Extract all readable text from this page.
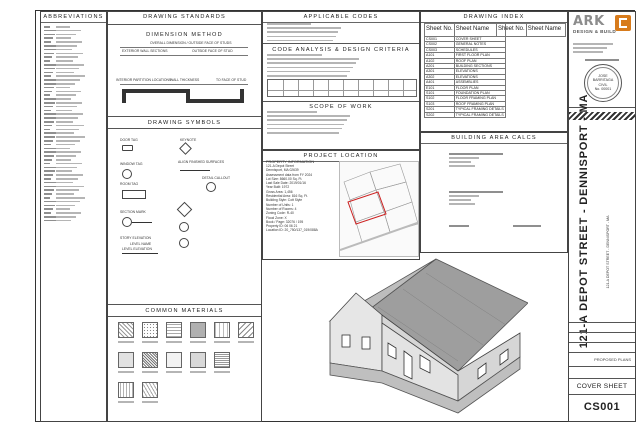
ABBREVIATIONS	DRAWING STANDARDS
DIMENSION METHOD
OVERALL DIMENSION / OUTSIDE FACE OF STUDS
EXTERIOR WALL SECTIONS	OUTSIDE FACE OF STUD
INTERIOR PARTITION LOCATIONS
WALL THICKNESS	TO FACE OF STUD
DRAWING SYMBOLS
DOOR TAG	KEYNOTE
WINDOW TAG	ALIGN FINISHED SURFACES
DETAIL CALLOUT
ROOM TAG
SECTION MARK
STORY ELEVATION
LEVEL NAME
LEVEL ELEVATION
COMMON MATERIALS
APPLICABLE CODES
CODE ANALYSIS & DESIGN CRITERIA
SCOPE OF WORK
PROJECT LOCATION
PROPERTY INFORMATION
121-A Depot Street
Dennisport, MA 02639
Assessment data from FY 2024
Lot Size: 8660.00 Sq. Ft.
Last Sale Date: 2019/01/16
Year Built: 1972
Gross Area: 1,456
Residential Area: 816 Sq. Ft.
Building Style: Cott Style
Number of Units: 1
Number of Rooms: 4
Zoning Code: R-40
Flood Zone: X
Book / Page: 32076 / 195
Property ID: 06 06 21
Location ID: 20_750/137_019/088A
DRAWING INDEX
Sheet No.	Sheet Name
CS001	COVER SHEET
CS002	GENERAL NOTES
CS003	SCHEDULES
A101	FIRST FLOOR PLAN
A102	ROOF PLAN
A201	BUILDING SECTIONS
A301	ELEVATIONS
A302	ELEVATIONS
A401	ASSEMBLIES
E101	FLOOR PLAN
S101	FOUNDATION PLAN
S102	FLOOR FRAMING PLAN
S103	ROOF FRAMING PLAN
S201	TYPICAL FRAMING DETAILS
S202	TYPICAL FRAMING DETAILS
Sheet No.	Sheet Name
BUILDING AREA CALCS
ARK
DESIGN & BUILD
JOSE
BARRITAGA
CIVIL
No. 00001
121-A DEPOT STREET - DENNISPORT - MA	121-A DEPOT STREET - DENNISPORT - MA
PROPOSED PLANS
COVER SHEET
CS001
